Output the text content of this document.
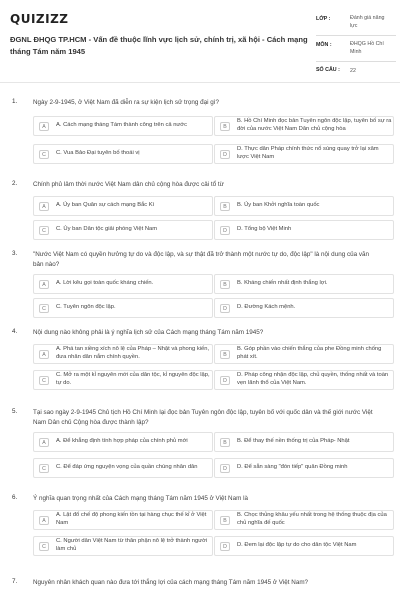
QUIZIZZ
ĐGNL ĐHQG TP.HCM - Vấn đề thuộc lĩnh vực lịch sử, chính trị, xã hội - Cách mạng tháng Tám năm 1945
LỚP :	Đánh giá năng lực
MÔN :	ĐHQG Hồ Chí Minh
SỐ CÂU : 22
1. Ngày 2-9-1945, ở Việt Nam đã diễn ra sự kiện lịch sử trọng đại gì?
A	A. Cách mạng tháng Tám thành công trên cả nước	B
B. Hồ Chí Minh đọc bản Tuyên ngôn độc lập, tuyên bố sự ra đời của nước Việt Nam Dân chủ cộng hòa
C	C. Vua Bảo Đại tuyên bố thoái vị	D
D. Thực dân Pháp chính thức nổ súng quay trở lại xâm lược Việt Nam
2. Chính phủ lâm thời nước Việt Nam dân chủ cộng hòa được cải tổ từ
A	A. Ủy ban Quân sự cách mạng Bắc Kì	B	B. Ủy ban Khởi nghĩa toàn quốc
C	C. Ủy ban Dân tộc giải phóng Việt Nam	D	D. Tổng bộ Việt Minh
3. "Nước Việt Nam có quyền hưởng tự do và độc lập, và sự thật đã trở thành một nước tự do, độc lập" là nội dung của văn bản nào?
A	A. Lời kêu gọi toàn quốc kháng chiến.	B	B. Kháng chiến nhất định thắng lợi.
C	C. Tuyên ngôn độc lập.	D	D. Đường Kách mệnh.
4. Nội dung nào không phải là ý nghĩa lịch sử của Cách mạng tháng Tám năm 1945?
A
A. Phá tan xiềng xích nô lệ của Pháp – Nhật và phong kiến, đưa nhân dân nắm chính quyền.	B
B. Góp phần vào chiến thắng của phe Đồng minh chống phát xít.
C
C. Mở ra một kỉ nguyên mới của dân tộc, kỉ nguyên độc lập, tự do.	D
D. Pháp công nhận độc lập, chủ quyền, thống nhất và toàn vẹn lãnh thổ của Việt Nam.
5. Tại sao ngày 2-9-1945 Chủ tịch Hồ Chí Minh lại đọc bản Tuyên ngôn độc lập, tuyên bố với quốc dân và thế giới nước Việt Nam Dân chủ Cộng hòa được thành lập?
A	A. Để khẳng định tính hợp pháp của chính phủ mới	B	B. Để thay thế nền thống trị của Pháp- Nhật
C	C. Để đáp ứng nguyện vọng của quần chúng nhân dân	D	D. Để sẵn sàng "đón tiếp" quân Đồng minh
6. Ý nghĩa quan trọng nhất của Cách mạng tháng Tám năm 1945 ở Việt Nam là
A
A. Lật đổ chế độ phong kiến tồn tại hàng chục thế kỉ ở Việt Nam	B
B. Chọc thủng khâu yếu nhất trong hệ thống thuộc địa của chủ nghĩa đế quốc
C
C. Người dân Việt Nam từ thân phận nô lệ trở thành người làm chủ	D	D. Đem lại độc lập tự do cho dân tộc Việt Nam
7. Nguyên nhân khách quan nào đưa tới thắng lợi của cách mạng tháng Tám năm 1945 ở Việt Nam?
